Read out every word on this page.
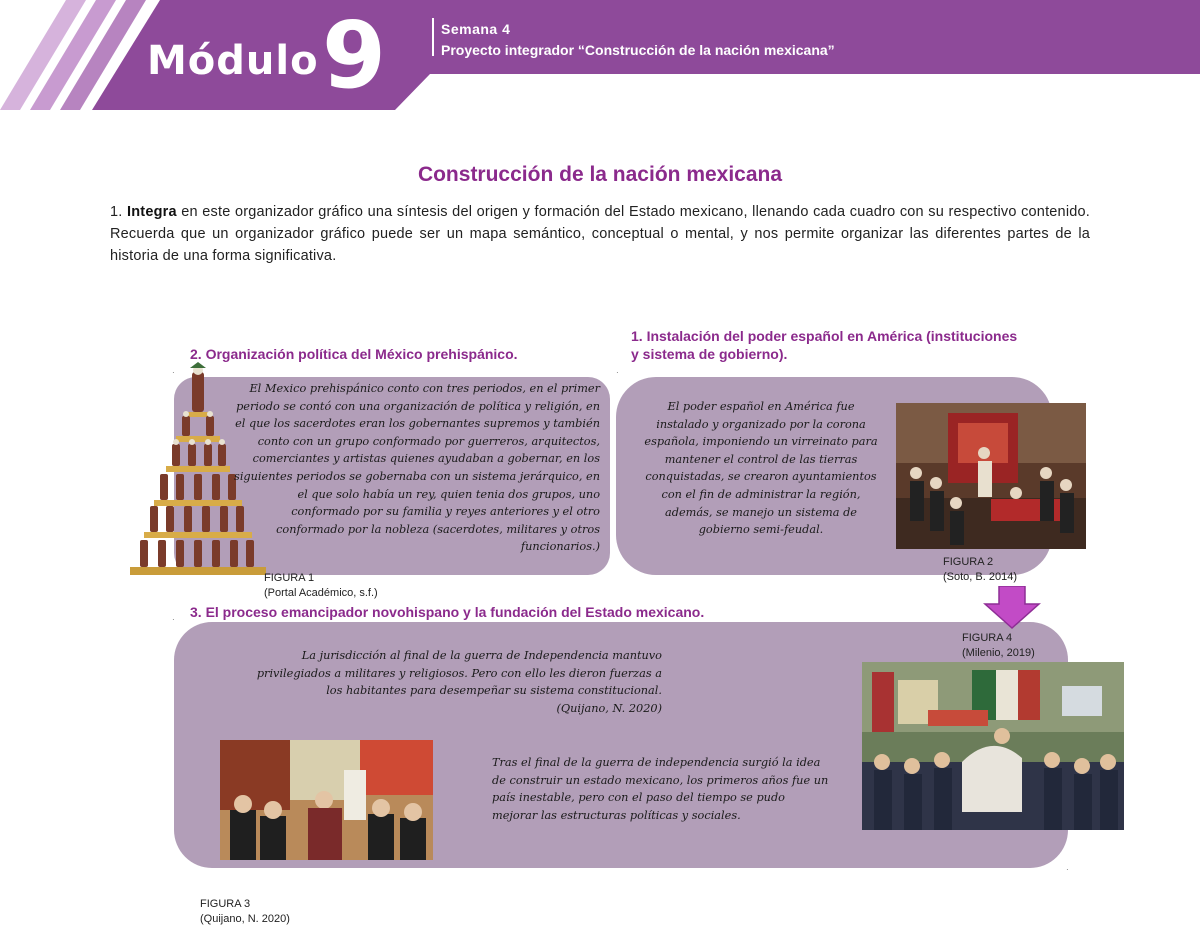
Módulo 9	Semana 4
Proyecto integrador “Construcción de la nación mexicana”
Construcción de la nación mexicana
1. Integra en este organizador gráfico una síntesis del origen y formación del Estado mexicano, llenando cada cuadro con su respectivo contenido. Recuerda que un organizador gráfico puede ser un mapa semántico, conceptual o mental, y nos permite organizar las diferentes partes de la historia de una forma significativa.
2. Organización política del México prehispánico.
1. Instalación del poder español en América (instituciones
y sistema de gobierno).
3. El proceso emancipador novohispano y la fundación del Estado mexicano.
·	·
·
·
FIGURA 1
(Portal Académico, s.f.)
El Mexico prehispánico conto con tres periodos, en el primer periodo se contó con una organización de política y religión, en el que los sacerdotes eran los gobernantes supremos y también conto con un grupo conformado por guerreros, arquitectos, comerciantes y artistas quienes ayudaban a gobernar, en los siguientes periodos se gobernaba con un sistema jerárquico, en el que solo había un rey, quien tenia dos grupos, uno conformado por su familia y reyes anteriores y el otro conformado por la nobleza (sacerdotes, militares y otros funcionarios.)
El poder español en América fue instalado y organizado por la corona española, imponiendo un virreinato para mantener el control de las tierras conquistadas, se crearon ayuntamientos con el fin de administrar la región, además, se manejo un sistema de gobierno semi-feudal.
FIGURA 2
(Soto, B. 2014)
FIGURA 4
(Milenio, 2019)
La jurisdicción al final de la guerra de Independencia mantuvo privilegiados a militares y religiosos. Pero con ello les dieron fuerzas a los habitantes para desempeñar su sistema constitucional.
(Quijano, N. 2020)
Tras el final de la guerra de independencia surgió la idea de construir un estado mexicano, los primeros años fue un país inestable, pero con el paso del tiempo se pudo mejorar las estructuras políticas y sociales.
FIGURA 3
(Quijano, N. 2020)
